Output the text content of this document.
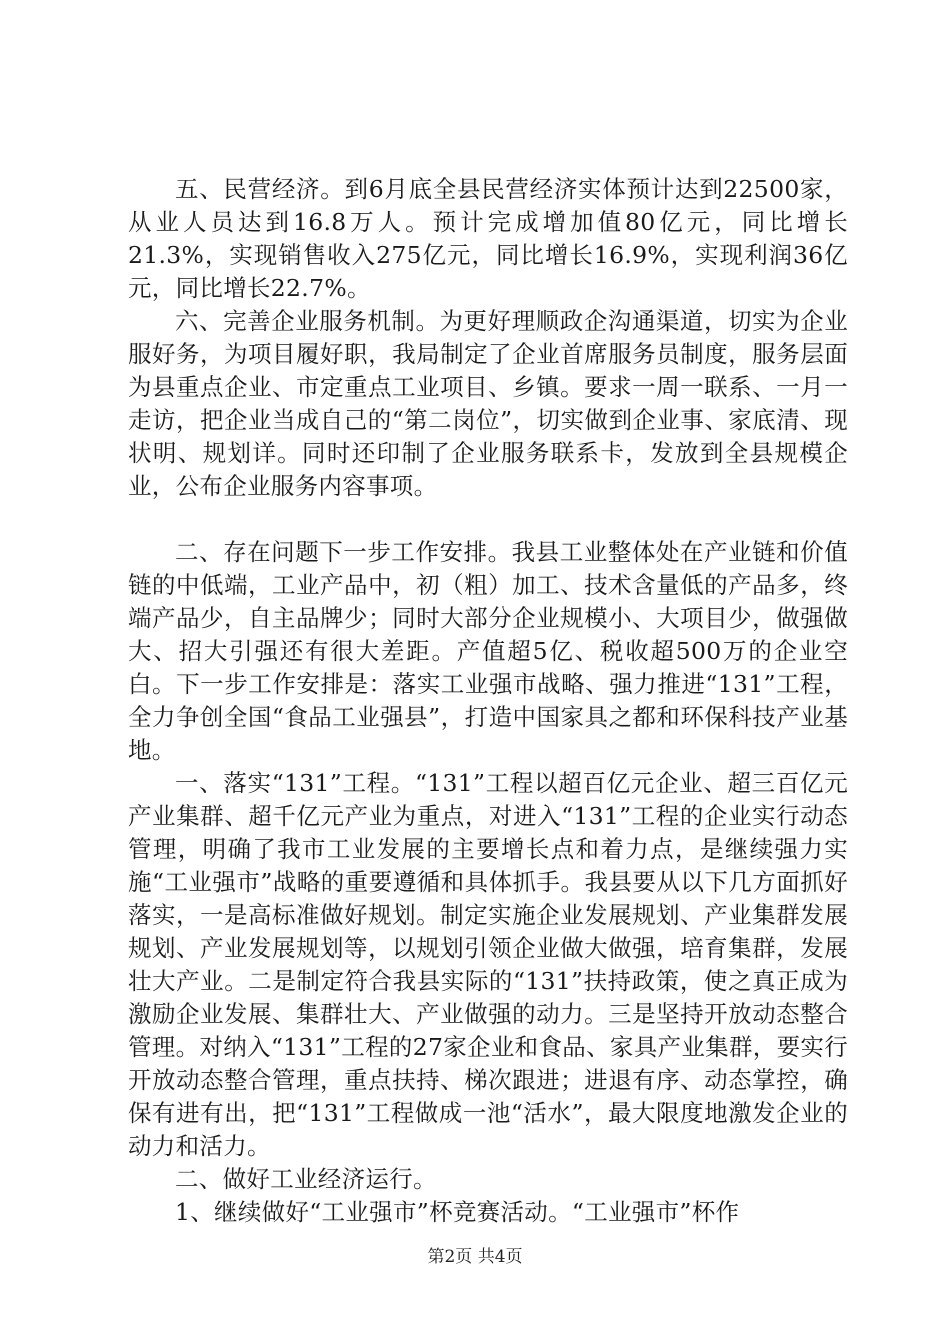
五、民营经济。到6月底全县民营经济实体预计达到22500家，从业人员达到16.8万人。预计完成增加值80亿元，同比增长21.3%，实现销售收入275亿元，同比增长16.9%，实现利润36亿元，同比增长22.7%。

六、完善企业服务机制。为更好理顺政企沟通渠道，切实为企业服好务，为项目履好职，我局制定了企业首席服务员制度，服务层面为县重点企业、市定重点工业项目、乡镇。要求一周一联系、一月一走访，把企业当成自己的“第二岗位”，切实做到企业事、家底清、现状明、规划详。同时还印制了企业服务联系卡，发放到全县规模企业，公布企业服务内容事项。

二、存在问题下一步工作安排。我县工业整体处在产业链和价值链的中低端，工业产品中，初（粗）加工、技术含量低的产品多，终端产品少，自主品牌少；同时大部分企业规模小、大项目少，做强做大、招大引强还有很大差距。产值超5亿、税收超500万的企业空白。下一步工作安排是：落实工业强市战略、强力推进“131”工程，全力争创全国“食品工业强县”，打造中国家具之都和环保科技产业基地。

一、落实“131”工程。“131”工程以超百亿元企业、超三百亿元产业集群、超千亿元产业为重点，对进入“131”工程的企业实行动态管理，明确了我市工业发展的主要增长点和着力点，是继续强力实施“工业强市”战略的重要遵循和具体抓手。我县要从以下几方面抓好落实，一是高标准做好规划。制定实施企业发展规划、产业集群发展规划、产业发展规划等，以规划引领企业做大做强，培育集群，发展壮大产业。二是制定符合我县实际的“131”扶持政策，使之真正成为激励企业发展、集群壮大、产业做强的动力。三是坚持开放动态整合管理。对纳入“131”工程的27家企业和食品、家具产业集群，要实行开放动态整合管理，重点扶持、梯次跟进；进退有序、动态掌控，确保有进有出，把“131”工程做成一池“活水”，最大限度地激发企业的动力和活力。

二、做好工业经济运行。

1、继续做好“工业强市”杯竞赛活动。“工业强市”杯作

第2页 共4页
